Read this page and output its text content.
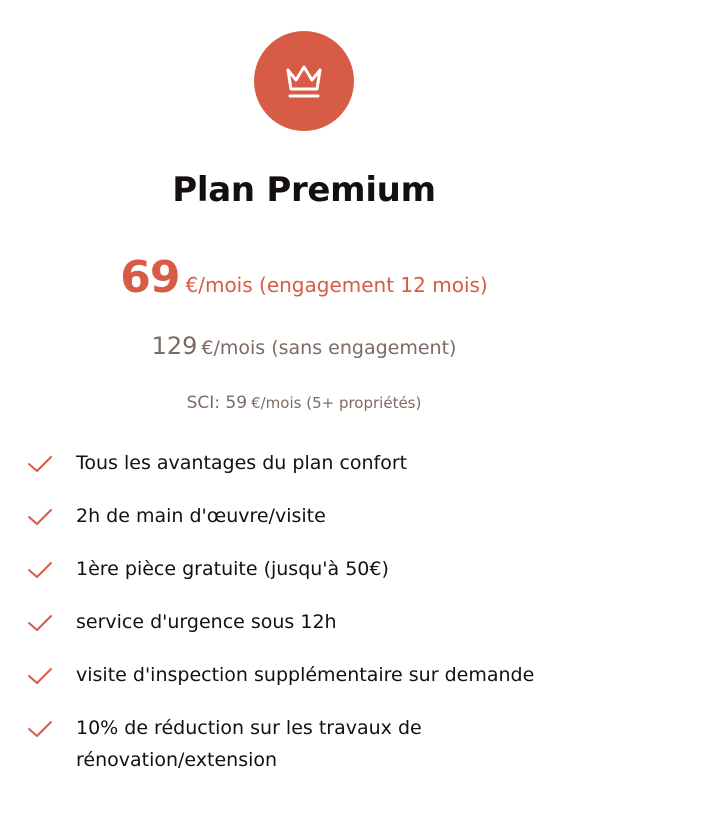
Plan Premium
69 €/mois (engagement 12 mois)
129 €/mois (sans engagement)
SCI: 59 €/mois (5+ propriétés)
Tous les avantages du plan confort
2h de main d'œuvre/visite
1ère pièce gratuite (jusqu'à 50€)
service d'urgence sous 12h
visite d'inspection supplémentaire sur demande
10% de réduction sur les travaux de rénovation/extension
